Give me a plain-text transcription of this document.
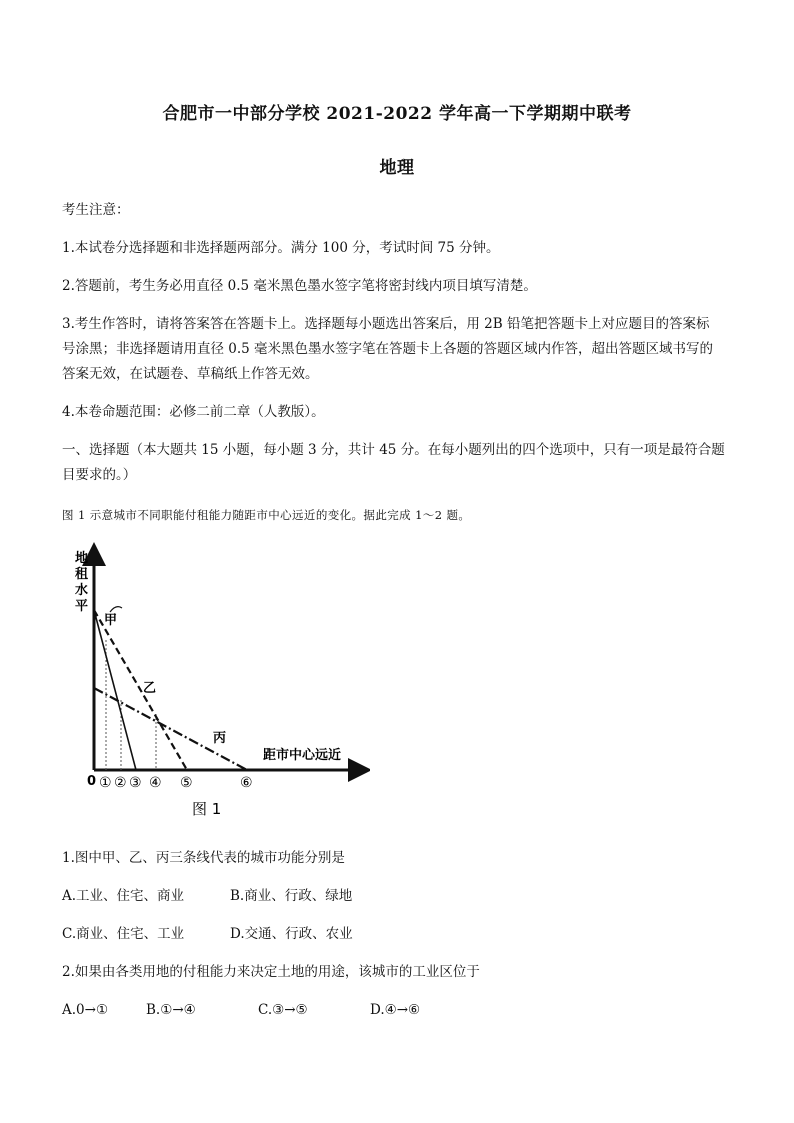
合肥市一中部分学校 2021-2022 学年高一下学期期中联考
地理
考生注意：
1.本试卷分选择题和非选择题两部分。满分 100 分，考试时间 75 分钟。
2.答题前，考生务必用直径 0.5 毫米黑色墨水签字笔将密封线内项目填写清楚。
3.考生作答时，请将答案答在答题卡上。选择题每小题选出答案后，用 2B 铅笔把答题卡上对应题目的答案标
号涂黑；非选择题请用直径 0.5 毫米黑色墨水签字笔在答题卡上各题的答题区域内作答，超出答题区域书写的
答案无效，在试题卷、草稿纸上作答无效。
4.本卷命题范围：必修二前二章（人教版）。
一、选择题（本大题共 15 小题，每小题 3 分，共计 45 分。在每小题列出的四个选项中，只有一项是最符合题
目要求的。）
图 1 示意城市不同职能付租能力随距市中心远近的变化。据此完成 1～2 题。
地
租
水
平
距市中心远近
甲
乙
丙
0 ① ② ③ ④ ⑤	⑥
图 1
1.图中甲、乙、丙三条线代表的城市功能分别是
A.工业、住宅、商业	B.商业、行政、绿地
C.商业、住宅、工业	D.交通、行政、农业
2.如果由各类用地的付租能力来决定土地的用途，该城市的工业区位于
A.0→①	B.①→④	C.③→⑤	D.④→⑥
